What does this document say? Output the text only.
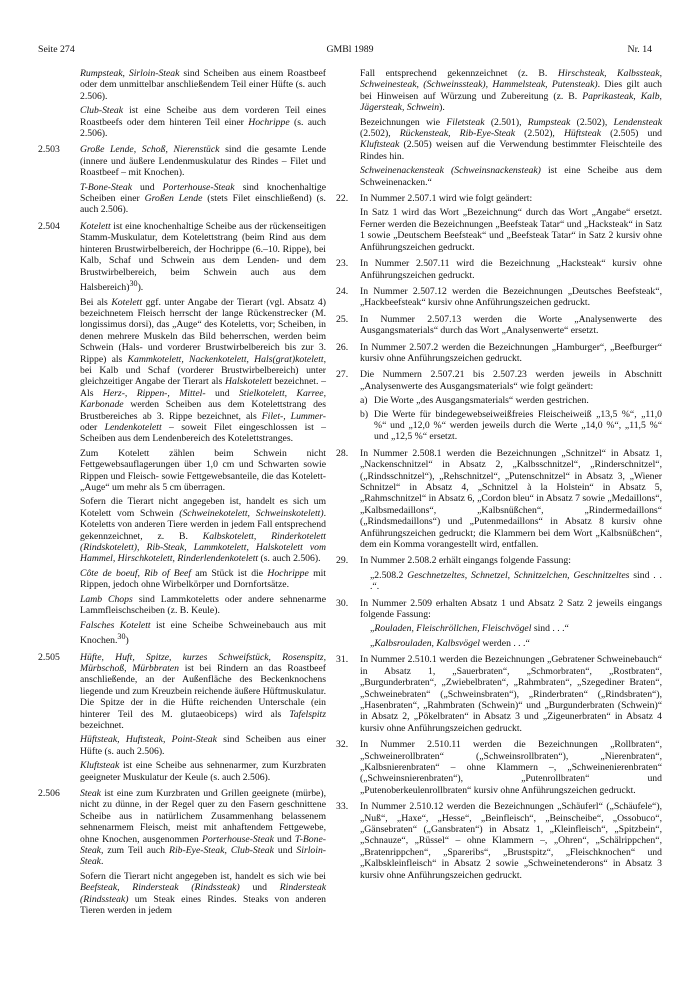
Seite 274	GMBl 1989	Nr. 14

Rumpsteak, Sirloin-Steak sind Scheiben aus einem Roastbeef oder dem unmittelbar anschließendem Teil einer Hüfte (s. auch 2.506).

Club-Steak ist eine Scheibe aus dem vorderen Teil eines Roastbeefs oder dem hinteren Teil einer Hochrippe (s. auch 2.506).

2.503 Große Lende, Schoß, Nierenstück sind die gesamte Lende (innere und äußere Lendenmuskulatur des Rindes – Filet und Roastbeef – mit Knochen).

T-Bone-Steak und Porterhouse-Steak sind knochenhaltige Scheiben einer Großen Lende (stets Filet einschließend) (s. auch 2.506).

2.504 Kotelett ist eine knochenhaltige Scheibe aus der rückenseitigen Stamm-Muskulatur, dem Kotelettstrang (beim Rind aus dem hinteren Brustwirbelbereich, der Hochrippe (6.–10. Rippe), bei Kalb, Schaf und Schwein aus dem Lenden- und dem Brustwirbelbereich, beim Schwein auch aus dem Halsbereich)$^{30}$).

Bei als Kotelett ggf. unter Angabe der Tierart (vgl. Absatz 4) bezeichnetem Fleisch herrscht der lange Rückenstrecker (M. longissimus dorsi), das „Auge“ des Koteletts, vor; Scheiben, in denen mehrere Muskeln das Bild beherrschen, werden beim Schwein (Hals- und vorderer Brustwirbelbereich bis zur 3. Rippe) als Kammkotelett, Nackenkotelett, Hals(grat)kotelett, bei Kalb und Schaf (vorderer Brustwirbelbereich) unter gleichzeitiger Angabe der Tierart als Halskotelett bezeichnet. – Als Herz-, Rippen-, Mittel- und Stielkotelett, Karree, Karbonade werden Scheiben aus dem Kotelettstrang des Brustbereiches ab 3. Rippe bezeichnet, als Filet-, Lummer- oder Lendenkotelett – soweit Filet eingeschlossen ist – Scheiben aus dem Lendenbereich des Kotelettstranges.

Zum Kotelett zählen beim Schwein nicht Fettgewebsauflagerungen über 1,0 cm und Schwarten sowie Rippen und Fleisch- sowie Fettgewebsanteile, die das Kotelett-„Auge“ um mehr als 5 cm überragen.

Sofern die Tierart nicht angegeben ist, handelt es sich um Kotelett vom Schwein (Schweinekotelett, Schweinskotelett). Koteletts von anderen Tiere werden in jedem Fall entsprechend gekennzeichnet, z. B. Kalbskotelett, Rinderkotelett (Rindskotelett), Rib-Steak, Lammkotelett, Halskotelett vom Hammel, Hirschkotelett, Rinderlendenkotelett (s. auch 2.506).

Côte de boeuf, Rib of Beef am Stück ist die Hochrippe mit Rippen, jedoch ohne Wirbelkörper und Dornfortsätze.

Lamb Chops sind Lammkoteletts oder andere sehnenarme Lammfleischscheiben (z. B. Keule).

Falsches Kotelett ist eine Scheibe Schweinebauch aus mit Knochen.$^{30}$)

2.505 Hüfte, Huft, Spitze, kurzes Schweifstück, Rosenspitz, Mürbschoß, Mürbbraten ist bei Rindern an das Roastbeef anschließende, an der Außenfläche des Beckenknochens liegende und zum Kreuzbein reichende äußere Hüftmuskulatur. Die Spitze der in die Hüfte reichenden Unterschale (ein hinterer Teil des M. glutaeobiceps) wird als Tafelspitz bezeichnet.

Hüftsteak, Huftsteak, Point-Steak sind Scheiben aus einer Hüfte (s. auch 2.506).

Kluftsteak ist eine Scheibe aus sehnenarmer, zum Kurzbraten geeigneter Muskulatur der Keule (s. auch 2.506).

2.506 Steak ist eine zum Kurzbraten und Grillen geeignete (mürbe), nicht zu dünne, in der Regel quer zu den Fasern geschnittene Scheibe aus in natürlichem Zusammenhang belassenem sehnenarmem Fleisch, meist mit anhaftendem Fettgewebe, ohne Knochen, ausgenommen Porterhouse-Steak und T-Bone-Steak, zum Teil auch Rib-Eye-Steak, Club-Steak und Sirloin-Steak.

Sofern die Tierart nicht angegeben ist, handelt es sich wie bei Beefsteak, Rindersteak (Rindssteak) und Rindersteak (Rindssteak) um Steak eines Rindes. Steaks von anderen Tieren werden in jedem

Fall entsprechend gekennzeichnet (z. B. Hirschsteak, Kalbssteak, Schweinesteak, (Schweinssteak), Hammelsteak, Putensteak). Dies gilt auch bei Hinweisen auf Würzung und Zubereitung (z. B. Paprikasteak, Kalb, Jägersteak, Schwein).

Bezeichnungen wie Filetsteak (2.501), Rumpsteak (2.502), Lendensteak (2.502), Rückensteak, Rib-Eye-Steak (2.502), Hüftsteak (2.505) und Kluftsteak (2.505) weisen auf die Verwendung bestimmter Fleischteile des Rindes hin.

Schweinenackensteak (Schweinsnackensteak) ist eine Scheibe aus dem Schweinenacken.“

22. In Nummer 2.507.1 wird wie folgt geändert:

In Satz 1 wird das Wort „Bezeichnung“ durch das Wort „Angabe“ ersetzt. Ferner werden die Bezeichnungen „Beefsteak Tatar“ und „Hacksteak“ in Satz 1 sowie „Deutschem Beefsteak“ und „Beefsteak Tatar“ in Satz 2 kursiv ohne Anführungszeichen gedruckt.

23. In Nummer 2.507.11 wird die Bezeichnung „Hacksteak“ kursiv ohne Anführungszeichen gedruckt.

24. In Nummer 2.507.12 werden die Bezeichnungen „Deutsches Beefsteak“, „Hackbeefsteak“ kursiv ohne Anführungszeichen gedruckt.

25. In Nummer 2.507.13 werden die Worte „Analysenwerte des Ausgangsmaterials“ durch das Wort „Analysenwerte“ ersetzt.

26. In Nummer 2.507.2 werden die Bezeichnungen „Hamburger“, „Beefburger“ kursiv ohne Anführungszeichen gedruckt.

27. Die Nummern 2.507.21 bis 2.507.23 werden jeweils in Abschnitt „Analysenwerte des Ausgangsmaterials“ wie folgt geändert:

a) Die Worte „des Ausgangsmaterials“ werden gestrichen.
b) Die Werte für bindegewebseiweißfreies Fleischeiweiß „13,5 %“, „11,0 %“ und „12,0 %“ werden jeweils durch die Werte „14,0 %“, „11,5 %“ und „12,5 %“ ersetzt.
28. In Nummer 2.508.1 werden die Bezeichnungen „Schnitzel“ in Absatz 1, „Nackenschnitzel“ in Absatz 2, „Kalbsschnitzel“, „Rinderschnitzel“, („Rindsschnitzel“), „Rehschnitzel“, „Putenschnitzel“ in Absatz 3, „Wiener Schnitzel“ in Absatz 4, „Schnitzel à la Holstein“ in Absatz 5, „Rahmschnitzel“ in Absatz 6, „Cordon bleu“ in Absatz 7 sowie „Medaillons“, „Kalbsmedaillons“, „Kalbsnüßchen“, „Rindermedaillons“ („Rindsmedaillons“) und „Putenmedaillons“ in Absatz 8 kursiv ohne Anführungszeichen gedruckt; die Klammern bei dem Wort „Kalbsnüßchen“, dem ein Komma vorangestellt wird, entfallen.

29. In Nummer 2.508.2 erhält eingangs folgende Fassung:

„2.508.2 Geschnetzeltes, Schnetzel, Schnitzelchen, Geschnitzeltes sind . . .“.

30. In Nummer 2.509 erhalten Absatz 1 und Absatz 2 Satz 2 jeweils eingangs folgende Fassung:

„Rouladen, Fleischröllchen, Fleischvögel sind . . .“

„Kalbsrouladen, Kalbsvögel werden . . .“

31. In Nummer 2.510.1 werden die Bezeichnungen „Gebratener Schweinebauch“ in Absatz 1, „Sauerbraten“, „Schmorbraten“, „Rostbraten“, „Burgunderbraten“, „Zwiebelbraten“, „Rahmbraten“, „Szegediner Braten“, „Schweinebraten“ („Schweinsbraten“), „Rinderbraten“ („Rindsbraten“), „Hasenbraten“, „Rahmbraten (Schwein)“ und „Burgunderbraten (Schwein)“ in Absatz 2, „Pökelbraten“ in Absatz 3 und „Zigeunerbraten“ in Absatz 4 kursiv ohne Anführungszeichen gedruckt.

32. In Nummer 2.510.11 werden die Bezeichnungen „Rollbraten“, „Schweinerollbraten“ („Schweinsrollbraten“), „Nierenbraten“, „Kalbsnierenbraten“ – ohne Klammern –, „Schweinenierenbraten“ („Schweinsnierenbraten“), „Putenrollbraten“ und „Putenoberkeulenrollbraten“ kursiv ohne Anführungszeichen gedruckt.

33. In Nummer 2.510.12 werden die Bezeichnungen „Schäuferl“ („Schäufele“), „Nuß“, „Haxe“, „Hesse“, „Beinfleisch“, „Beinscheibe“, „Ossobuco“, „Gänsebraten“ („Gansbraten“) in Absatz 1, „Kleinfleisch“, „Spitzbein“, „Schnauze“, „Rüssel“ – ohne Klammern –, „Ohren“, „Schälrippchen“, „Bratenrippchen“, „Spareribs“, „Brustspitz“, „Fleischknochen“ und „Kalbskleinfleisch“ in Absatz 2 sowie „Schweinetenderons“ in Absatz 3 kursiv ohne Anführungszeichen gedruckt.
